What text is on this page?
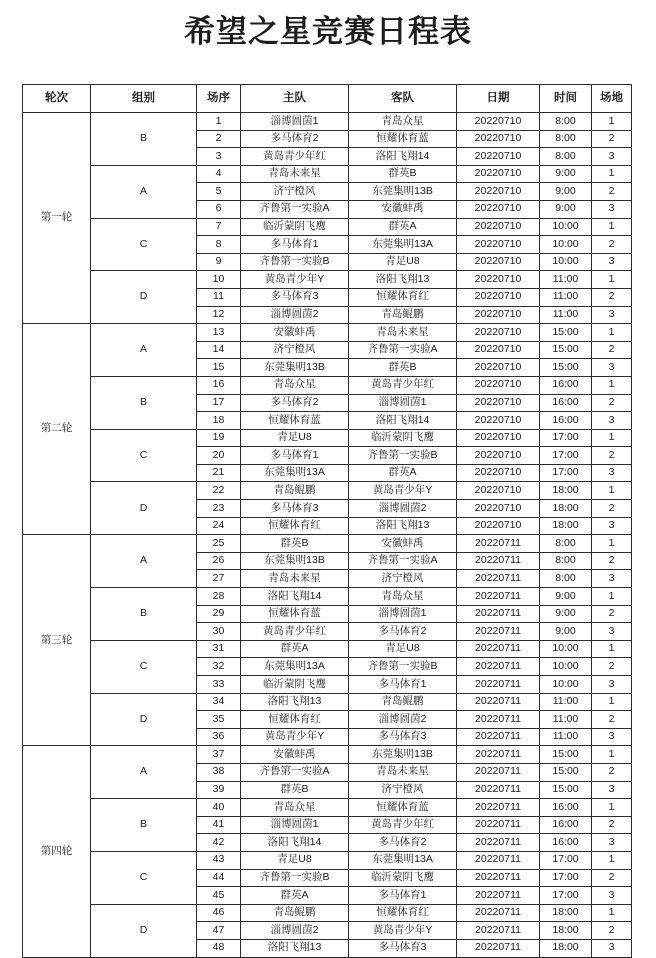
希望之星竞赛日程表
轮次	组别	场序	主队	客队	日期	时间	场地
第一轮	B	1	淄博圆茵1	青岛众星	20220710	8:00	1
		2	多马体育2	恒耀体育蓝	20220710	8:00	2
		3	黄岛青少年红	洛阳飞翔14	20220710	8:00	3
	A	4	青岛未来星	群英B	20220710	9:00	1
		5	济宁橙风	东莞集明13B	20220710	9:00	2
		6	齐鲁第一实验A	安徽蚌禹	20220710	9:00	3
	C	7	临沂蒙阴飞鹰	群英A	20220710	10:00	1
		8	多马体育1	东莞集明13A	20220710	10:00	2
		9	齐鲁第一实验B	青足U8	20220710	10:00	3
	D	10	黄岛青少年Y	洛阳飞翔13	20220710	11:00	1
		11	多马体育3	恒耀体育红	20220710	11:00	2
		12	淄博圆茵2	青岛鲲鹏	20220710	11:00	3
第二轮	A	13	安徽蚌禹	青岛未来星	20220710	15:00	1
		14	济宁橙风	齐鲁第一实验A	20220710	15:00	2
		15	东莞集明13B	群英B	20220710	15:00	3
	B	16	青岛众星	黄岛青少年红	20220710	16:00	1
		17	多马体育2	淄博圆茵1	20220710	16:00	2
		18	恒耀体育蓝	洛阳飞翔14	20220710	16:00	3
	C	19	青足U8	临沂蒙阴飞鹰	20220710	17:00	1
		20	多马体育1	齐鲁第一实验B	20220710	17:00	2
		21	东莞集明13A	群英A	20220710	17:00	3
	D	22	青岛鲲鹏	黄岛青少年Y	20220710	18:00	1
		23	多马体育3	淄博圆茵2	20220710	18:00	2
		24	恒耀体育红	洛阳飞翔13	20220710	18:00	3
第三轮	A	25	群英B	安徽蚌禹	20220711	8:00	1
		26	东莞集明13B	齐鲁第一实验A	20220711	8:00	2
		27	青岛未来星	济宁橙风	20220711	8:00	3
	B	28	洛阳飞翔14	青岛众星	20220711	9:00	1
		29	恒耀体育蓝	淄博圆茵1	20220711	9:00	2
		30	黄岛青少年红	多马体育2	20220711	9:00	3
	C	31	群英A	青足U8	20220711	10:00	1
		32	东莞集明13A	齐鲁第一实验B	20220711	10:00	2
		33	临沂蒙阴飞鹰	多马体育1	20220711	10:00	3
	D	34	洛阳飞翔13	青岛鲲鹏	20220711	11:00	1
		35	恒耀体育红	淄博圆茵2	20220711	11:00	2
		36	黄岛青少年Y	多马体育3	20220711	11:00	3
第四轮	A	37	安徽蚌禹	东莞集明13B	20220711	15:00	1
		38	齐鲁第一实验A	青岛未来星	20220711	15:00	2
		39	群英B	济宁橙风	20220711	15:00	3
	B	40	青岛众星	恒耀体育蓝	20220711	16:00	1
		41	淄博圆茵1	黄岛青少年红	20220711	16:00	2
		42	洛阳飞翔14	多马体育2	20220711	16:00	3
	C	43	青足U8	东莞集明13A	20220711	17:00	1
		44	齐鲁第一实验B	临沂蒙阴飞鹰	20220711	17:00	2
		45	群英A	多马体育1	20220711	17:00	3
	D	46	青岛鲲鹏	恒耀体育红	20220711	18:00	1
		47	淄博圆茵2	黄岛青少年Y	20220711	18:00	2
		48	洛阳飞翔13	多马体育3	20220711	18:00	3
